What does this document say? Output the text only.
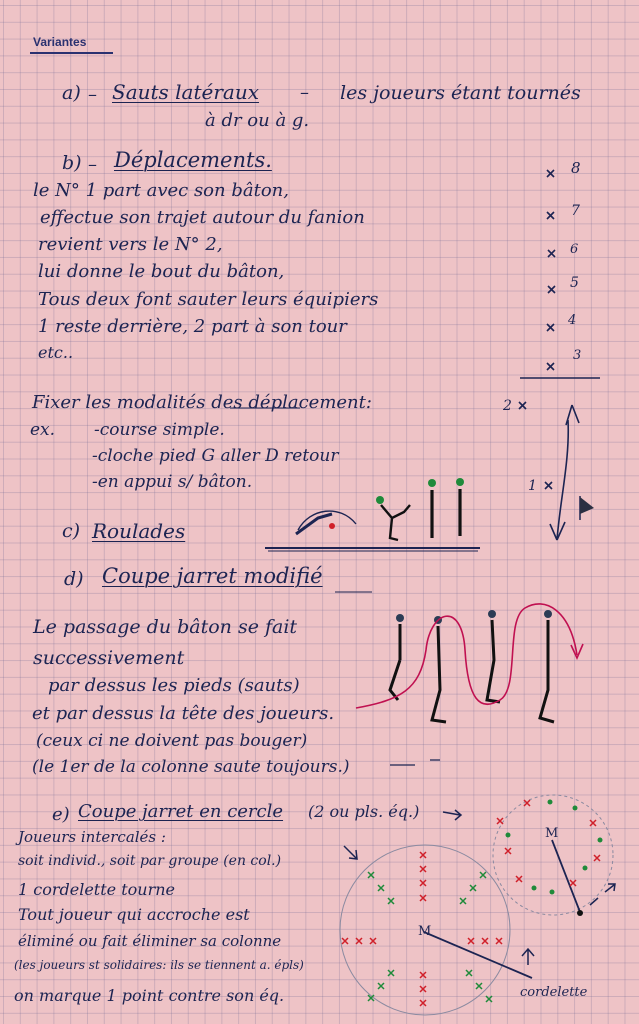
Variantes
a) – Sauts latéraux – les joueurs étant tournés
à dr ou à g.
b) – Déplacements.
le N° 1 part avec son bâton,
effectue son trajet autour du fanion
revient vers le N° 2,
lui donne le bout du bâton,
Tous deux font sauter leurs équipiers
1 reste derrière, 2 part à son tour
etc..
Fixer les modalités des déplacement:
ex. -course simple.
-cloche pied G aller D retour
-en appui s/ bâton.
c) Roulades
d) Coupe jarret modifié
Le passage du bâton se fait
successivement
par dessus les pieds (sauts)
et par dessus la tête des joueurs.
(ceux ci ne doivent pas bouger)
(le 1er de la colonne saute toujours.)
e) Coupe jarret en cercle (2 ou pls. éq.)
Joueurs intercalés :
soit individ., soit par groupe (en col.)
1 cordelette tourne
Tout joueur qui accroche est
éliminé ou fait éliminer sa colonne
(les joueurs st solidaires: ils se tiennent a. épls)
on marque 1 point contre son éq.
8
7
6
5
4
3
2
1
M
M
cordelette
